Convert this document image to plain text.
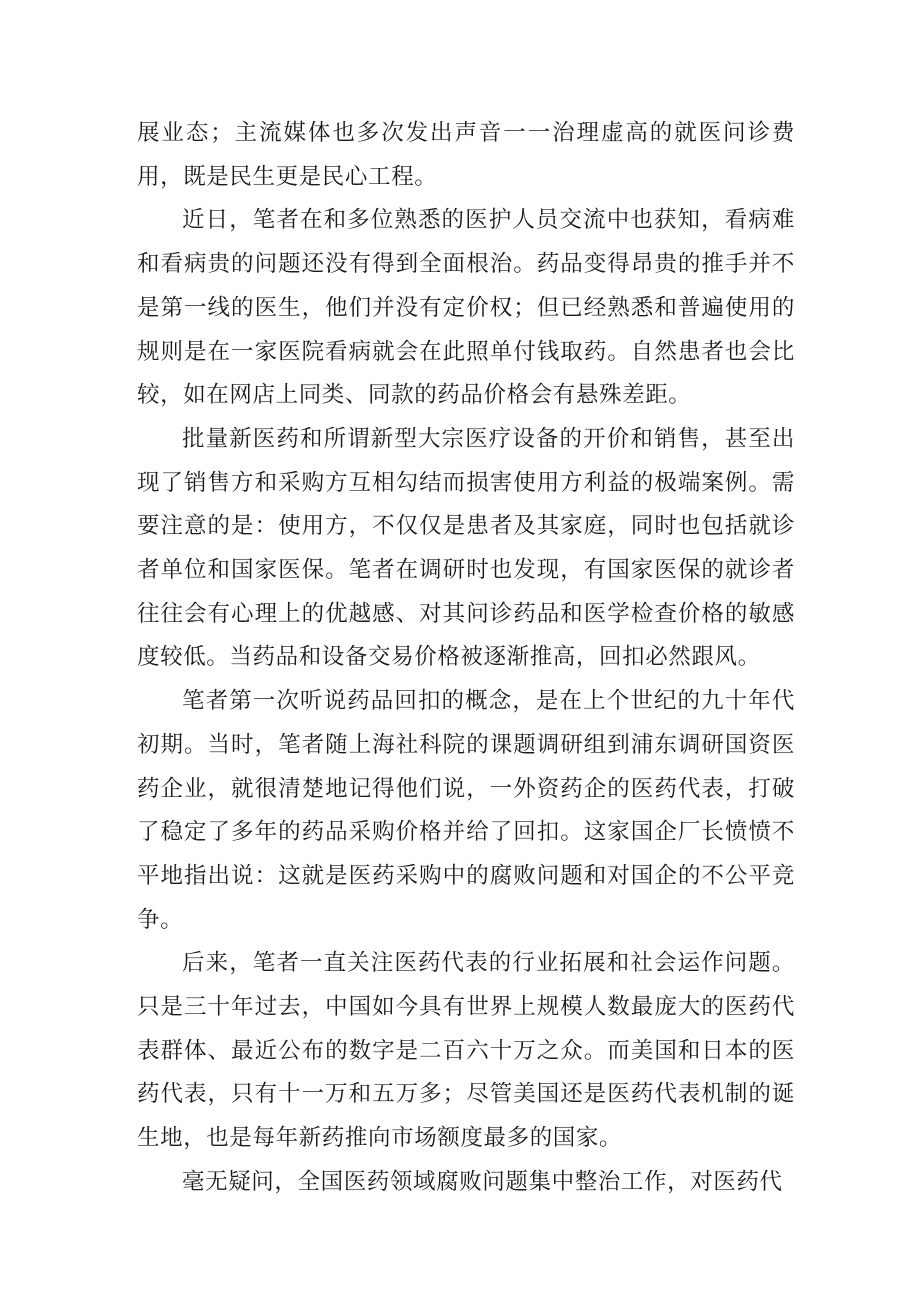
展业态；主流媒体也多次发出声音一一治理虚高的就医问诊费用，既是民生更是民心工程。

近日，笔者在和多位熟悉的医护人员交流中也获知，看病难和看病贵的问题还没有得到全面根治。药品变得昂贵的推手并不是第一线的医生，他们并没有定价权；但已经熟悉和普遍使用的规则是在一家医院看病就会在此照单付钱取药。自然患者也会比较，如在网店上同类、同款的药品价格会有悬殊差距。

批量新医药和所谓新型大宗医疗设备的开价和销售，甚至出现了销售方和采购方互相勾结而损害使用方利益的极端案例。需要注意的是：使用方，不仅仅是患者及其家庭，同时也包括就诊者单位和国家医保。笔者在调研时也发现，有国家医保的就诊者往往会有心理上的优越感、对其问诊药品和医学检查价格的敏感度较低。当药品和设备交易价格被逐渐推高，回扣必然跟风。

笔者第一次听说药品回扣的概念，是在上个世纪的九十年代初期。当时，笔者随上海社科院的课题调研组到浦东调研国资医药企业，就很清楚地记得他们说，一外资药企的医药代表，打破了稳定了多年的药品采购价格并给了回扣。这家国企厂长愤愤不平地指出说：这就是医药采购中的腐败问题和对国企的不公平竞争。

后来，笔者一直关注医药代表的行业拓展和社会运作问题。只是三十年过去，中国如今具有世界上规模人数最庞大的医药代表群体、最近公布的数字是二百六十万之众。而美国和日本的医药代表，只有十一万和五万多；尽管美国还是医药代表机制的诞生地，也是每年新药推向市场额度最多的国家。

毫无疑问，全国医药领域腐败问题集中整治工作，对医药代
